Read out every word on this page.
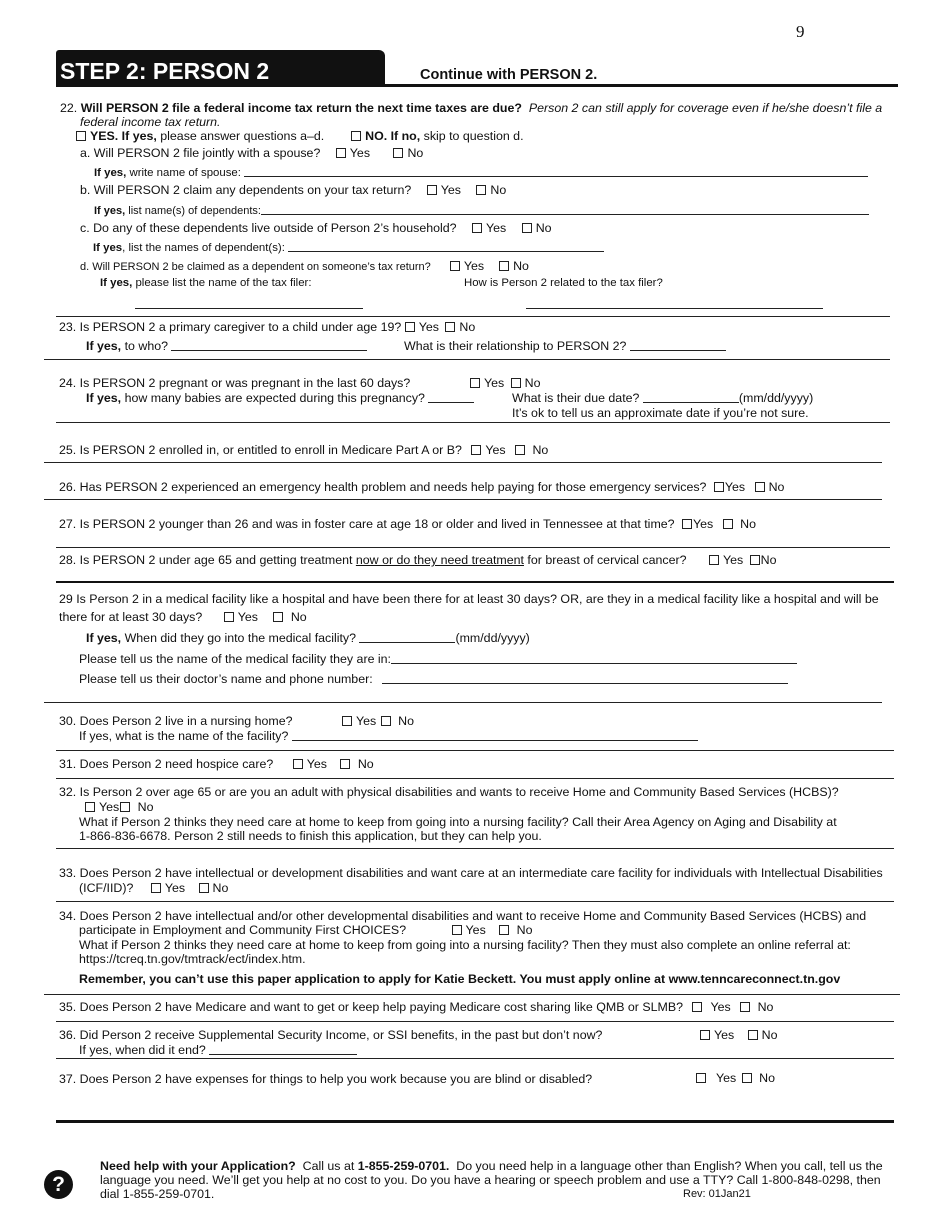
9
STEP 2: PERSON 2	Continue with PERSON 2.
22. Will PERSON 2 file a federal income tax return the next time taxes are due? Person 2 can still apply for coverage even if he/she doesn’t file a
federal income tax return.
YES. If yes, please answer questions a–d.	NO. If no, skip to question d.
a. Will PERSON 2 file jointly with a spouse? Yes	No
If yes, write name of spouse:
b. Will PERSON 2 claim any dependents on your tax return? Yes No
If yes, list name(s) of dependents:
c. Do any of these dependents live outside of Person 2’s household? Yes No
If yes, list the names of dependent(s):
d. Will PERSON 2 be claimed as a dependent on someone’s tax return?	Yes No
If yes, please list the name of the tax filer:	How is Person 2 related to the tax filer?
23. Is PERSON 2 a primary caregiver to a child under age 19? Yes No
If yes, to who?	What is their relationship to PERSON 2?
24. Is PERSON 2 pregnant or was pregnant in the last 60 days?	Yes No
If yes, how many babies are expected during this pregnancy?	What is their due date?	(mm/dd/yyyy)
It’s ok to tell us an approximate date if you’re not sure.
25. Is PERSON 2 enrolled in, or entitled to enroll in Medicare Part A or B? Yes No
26. Has PERSON 2 experienced an emergency health problem and needs help paying for those emergency services? Yes No
27. Is PERSON 2 younger than 26 and was in foster care at age 18 or older and lived in Tennessee at that time? Yes No
28. Is PERSON 2 under age 65 and getting treatment now or do they need treatment for breast of cervical cancer?	Yes No
29 Is Person 2 in a medical facility like a hospital and have been there for at least 30 days? OR, are they in a medical facility like a hospital and will be
there for at least 30 days?	Yes	No
If yes, When did they go into the medical facility?	(mm/dd/yyyy)
Please tell us the name of the medical facility they are in:
Please tell us their doctor’s name and phone number:
30. Does Person 2 live in a nursing home?	Yes No
If yes, what is the name of the facility?
31. Does Person 2 need hospice care?	Yes No
32. Is Person 2 over age 65 or are you an adult with physical disabilities and wants to receive Home and Community Based Services (HCBS)?
Yes No
What if Person 2 thinks they need care at home to keep from going into a nursing facility? Call their Area Agency on Aging and Disability at
1-866-836-6678. Person 2 still needs to finish this application, but they can help you.
33. Does Person 2 have intellectual or development disabilities and want care at an intermediate care facility for individuals with Intellectual Disabilities
(ICF/IID)?	Yes No
34. Does Person 2 have intellectual and/or other developmental disabilities and want to receive Home and Community Based Services (HCBS) and
participate in Employment and Community First CHOICES?	Yes No
What if Person 2 thinks they need care at home to keep from going into a nursing facility? Then they must also complete an online referral at:
https://tcreq.tn.gov/tmtrack/ect/index.htm.
Remember, you can’t use this paper application to apply for Katie Beckett. You must apply online at www.tenncareconnect.tn.gov
35. Does Person 2 have Medicare and want to get or keep help paying Medicare cost sharing like QMB or SLMB? Yes No
36. Did Person 2 receive Supplemental Security Income, or SSI benefits, in the past but don’t now?	Yes No
If yes, when did it end?
37. Does Person 2 have expenses for things to help you work because you are blind or disabled?	Yes No
?
Need help with your Application? Call us at 1-855-259-0701. Do you need help in a language other than English? When you call, tell us the
language you need. We’ll get you help at no cost to you. Do you have a hearing or speech problem and use a TTY? Call 1-800-848-0298, then
dial 1-855-259-0701.	Rev: 01Jan21
